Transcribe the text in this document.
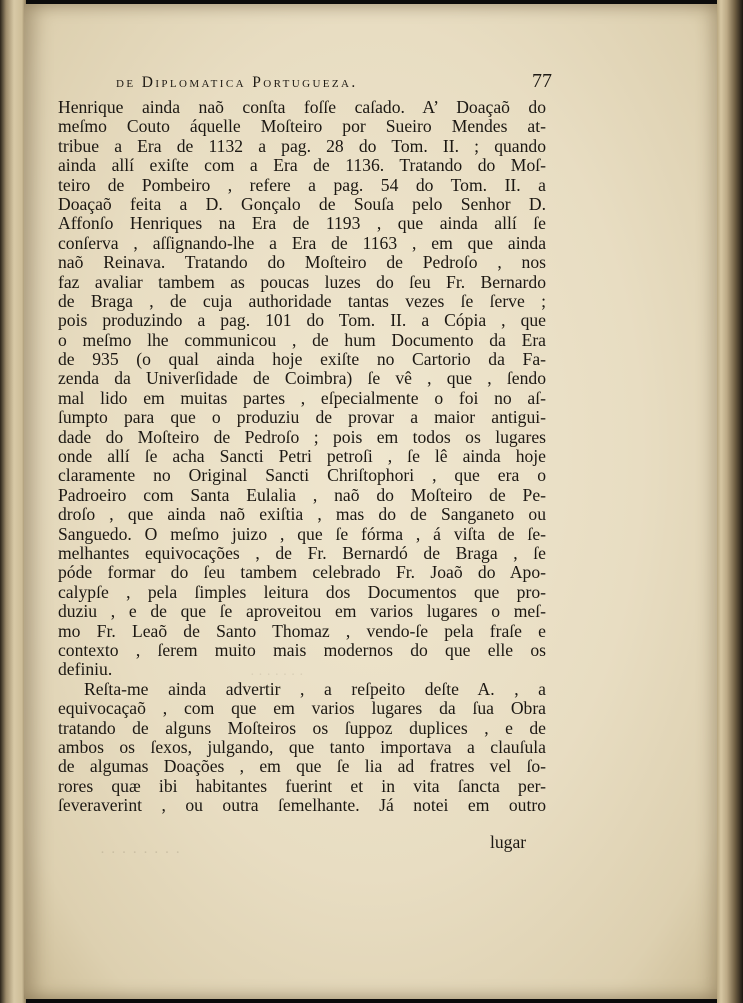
· · · · · · ·
de Diplomatica Portugueza.	77
Henrique ainda naõ conſta foſſe caſado. A’ Doaçaõ do
meſmo Couto áquelle Moſteiro por Sueiro Mendes at-
tribue a Era de 1132 a pag. 28 do Tom. II. ; quando
ainda allí exiſte com a Era de 1136. Tratando do Moſ-
teiro de Pombeiro , refere a pag. 54 do Tom. II. a
Doaçaõ feita a D. Gonçalo de Souſa pelo Senhor D.
Affonſo Henriques na Era de 1193 , que ainda allí ſe
conſerva , aſſignando-lhe a Era de 1163 , em que ainda
naõ Reinava. Tratando do Moſteiro de Pedroſo , nos
faz avaliar tambem as poucas luzes do ſeu Fr. Bernardo
de Braga , de cuja authoridade tantas vezes ſe ſerve ;
pois produzindo a pag. 101 do Tom. II. a Cópia , que
o meſmo lhe communicou , de hum Documento da Era
de 935 (o qual ainda hoje exiſte no Cartorio da Fa-
zenda da Univerſidade de Coimbra) ſe vê , que , ſendo
mal lido em muitas partes , eſpecialmente o foi no aſ-
ſumpto para que o produziu de provar a maior antigui-
dade do Moſteiro de Pedroſo ; pois em todos os lugares
onde allí ſe acha Sancti Petri petroſi , ſe lê ainda hoje
claramente no Original Sancti Chriſtophori , que era o
Padroeiro com Santa Eulalia , naõ do Moſteiro de Pe-
droſo , que ainda naõ exiſtia , mas do de Sanganeto ou
Sanguedo. O meſmo juizo , que ſe fórma , á viſta de ſe-
melhantes equivocações , de Fr. Bernardó de Braga , ſe
póde formar do ſeu tambem celebrado Fr. Joaõ do Apo-
calypſe , pela ſimples leitura dos Documentos que pro-
duziu , e de que ſe aproveitou em varios lugares o meſ-
mo Fr. Leaõ de Santo Thomaz , vendo-ſe pela fraſe e
contexto , ſerem muito mais modernos do que elle os
definiu.
Reſta-me ainda advertir , a reſpeito deſte A. , a
equivocaçaõ , com que em varios lugares da ſua Obra
tratando de alguns Moſteiros os ſuppoz duplices , e de
ambos os ſexos, julgando, que tanto importava a clauſula
de algumas Doações , em que ſe lia ad fratres vel ſo-
rores quæ ibi habitantes fuerint et in vita ſancta per-
ſeveraverint , ou outra ſemelhante. Já notei em outro
lugar
· · · · · · · ·
